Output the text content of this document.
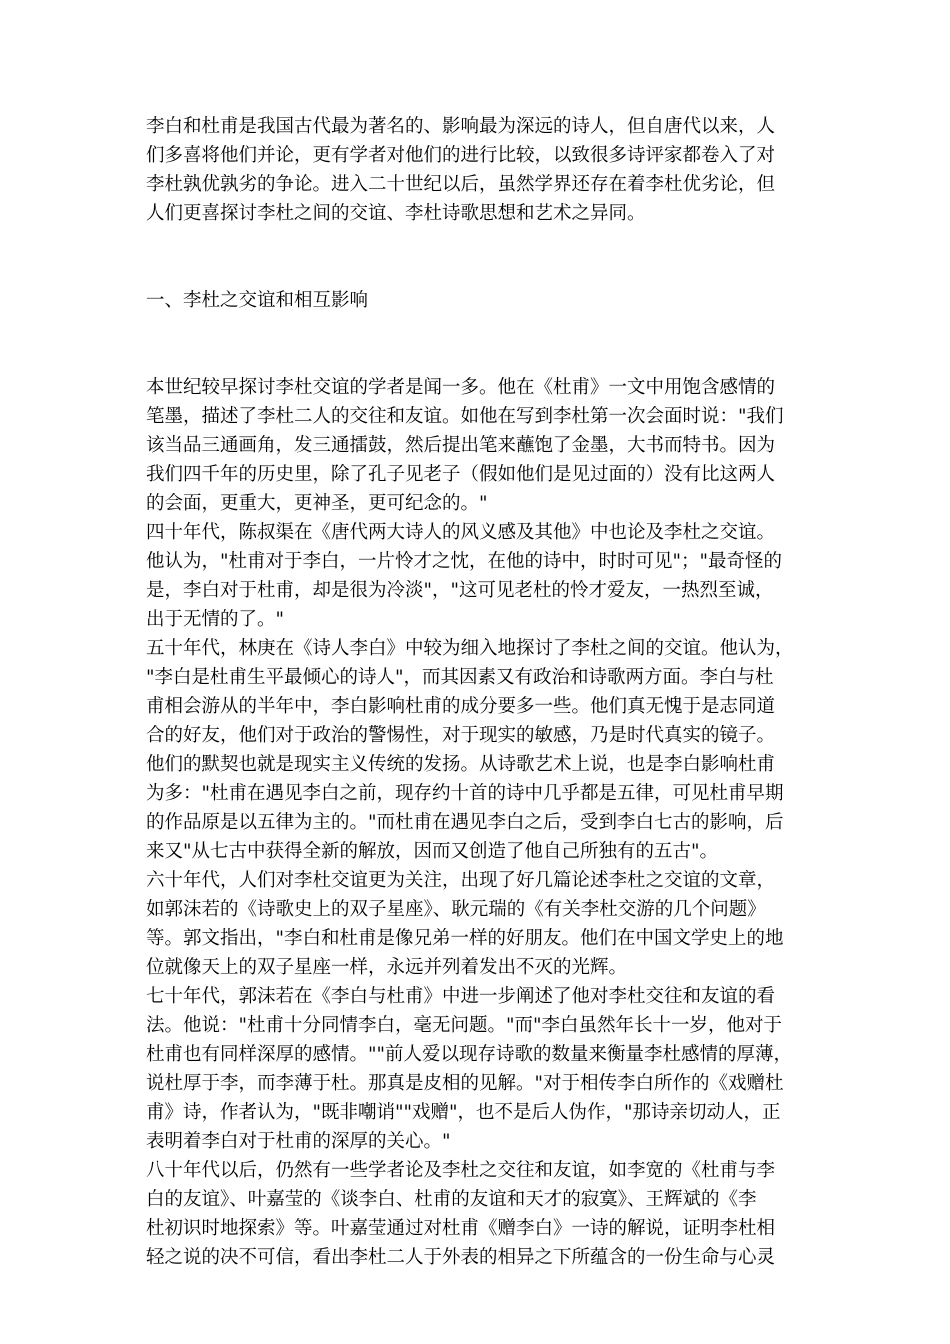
李白和杜甫是我国古代最为著名的、影响最为深远的诗人，但自唐代以来，人
们多喜将他们并论，更有学者对他们的进行比较，以致很多诗评家都卷入了对
李杜孰优孰劣的争论。进入二十世纪以后，虽然学界还存在着李杜优劣论，但
人们更喜探讨李杜之间的交谊、李杜诗歌思想和艺术之异同。
一、李杜之交谊和相互影响
本世纪较早探讨李杜交谊的学者是闻一多。他在《杜甫》一文中用饱含感情的
笔墨，描述了李杜二人的交往和友谊。如他在写到李杜第一次会面时说："我们
该当品三通画角，发三通擂鼓，然后提出笔来蘸饱了金墨，大书而特书。因为
我们四千年的历史里，除了孔子见老子（假如他们是见过面的）没有比这两人
的会面，更重大，更神圣，更可纪念的。"
四十年代，陈叔渠在《唐代两大诗人的风义感及其他》中也论及李杜之交谊。
他认为，"杜甫对于李白，一片怜才之忱，在他的诗中，时时可见"；"最奇怪的
是，李白对于杜甫，却是很为冷淡"，"这可见老杜的怜才爱友，一热烈至诚，
出于无情的了。"
五十年代，林庚在《诗人李白》中较为细入地探讨了李杜之间的交谊。他认为，
"李白是杜甫生平最倾心的诗人"，而其因素又有政治和诗歌两方面。李白与杜
甫相会游从的半年中，李白影响杜甫的成分要多一些。他们真无愧于是志同道
合的好友，他们对于政治的警惕性，对于现实的敏感，乃是时代真实的镜子。
他们的默契也就是现实主义传统的发扬。从诗歌艺术上说，也是李白影响杜甫
为多："杜甫在遇见李白之前，现存约十首的诗中几乎都是五律，可见杜甫早期
的作品原是以五律为主的。"而杜甫在遇见李白之后，受到李白七古的影响，后
来又"从七古中获得全新的解放，因而又创造了他自己所独有的五古"。
六十年代，人们对李杜交谊更为关注，出现了好几篇论述李杜之交谊的文章，
如郭沫若的《诗歌史上的双子星座》、耿元瑞的《有关李杜交游的几个问题》
等。郭文指出，"李白和杜甫是像兄弟一样的好朋友。他们在中国文学史上的地
位就像天上的双子星座一样，永远并列着发出不灭的光辉。
七十年代，郭沫若在《李白与杜甫》中进一步阐述了他对李杜交往和友谊的看
法。他说："杜甫十分同情李白，毫无问题。"而"李白虽然年长十一岁，他对于
杜甫也有同样深厚的感情。""前人爱以现存诗歌的数量来衡量李杜感情的厚薄，
说杜厚于李，而李薄于杜。那真是皮相的见解。"对于相传李白所作的《戏赠杜
甫》诗，作者认为，"既非嘲诮""戏赠"，也不是后人伪作，"那诗亲切动人，正
表明着李白对于杜甫的深厚的关心。"
八十年代以后，仍然有一些学者论及李杜之交往和友谊，如李宽的《杜甫与李
白的友谊》、叶嘉莹的《谈李白、杜甫的友谊和天才的寂寞》、王辉斌的《李
杜初识时地探索》等。叶嘉莹通过对杜甫《赠李白》一诗的解说，证明李杜相
轻之说的决不可信，看出李杜二人于外表的相异之下所蕴含的一份生命与心灵
